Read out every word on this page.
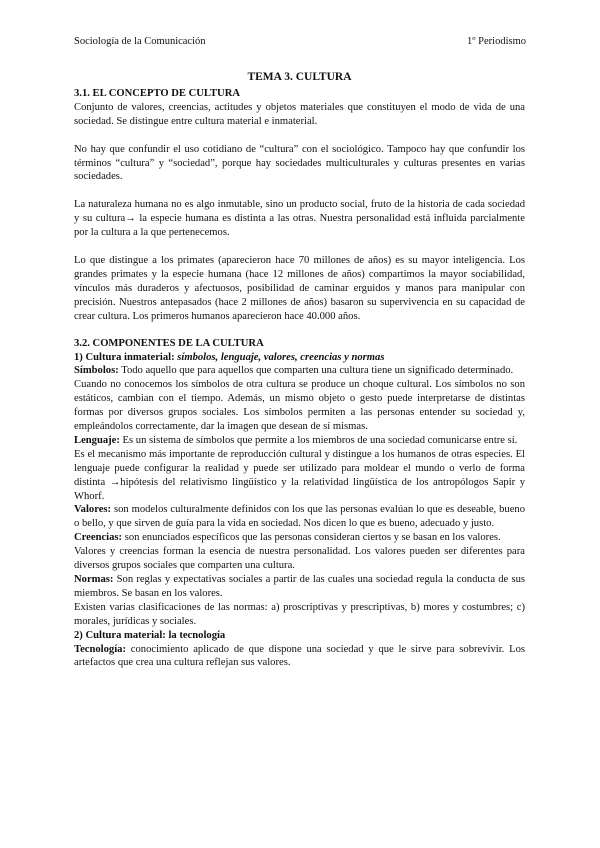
Sociología de la Comunicación	1º Periodismo
TEMA 3. CULTURA

3.1. EL CONCEPTO DE CULTURA

Conjunto de valores, creencias, actitudes y objetos materiales que constituyen el modo de vida de una sociedad. Se distingue entre cultura material e inmaterial.

No hay que confundir el uso cotidiano de “cultura” con el sociológico. Tampoco hay que confundir los términos “cultura” y “sociedad”, porque hay sociedades multiculturales y culturas presentes en varias sociedades.

La naturaleza humana no es algo inmutable, sino un producto social, fruto de la historia de cada sociedad y su cultura→ la especie humana es distinta a las otras. Nuestra personalidad está influida parcialmente por la cultura a la que pertenecemos.

Lo que distingue a los primates (aparecieron hace 70 millones de años) es su mayor inteligencia. Los grandes primates y la especie humana (hace 12 millones de años) compartimos la mayor sociabilidad, vínculos más duraderos y afectuosos, posibilidad de caminar erguidos y manos para manipular con precisión. Nuestros antepasados (hace 2 millones de años) basaron su supervivencia en su capacidad de crear cultura. Los primeros humanos aparecieron hace 40.000 años.

3.2. COMPONENTES DE LA CULTURA

1) Cultura inmaterial: símbolos, lenguaje, valores, creencias y normas

Símbolos: Todo aquello que para aquellos que comparten una cultura tiene un significado determinado.

Cuando no conocemos los símbolos de otra cultura se produce un choque cultural. Los símbolos no son estáticos, cambian con el tiempo. Además, un mismo objeto o gesto puede interpretarse de distintas formas por diversos grupos sociales. Los símbolos permiten a las personas entender su sociedad y, empleándolos correctamente, dar la imagen que desean de sí mismas.

Lenguaje: Es un sistema de símbolos que permite a los miembros de una sociedad comunicarse entre sí.

Es el mecanismo más importante de reproducción cultural y distingue a los humanos de otras especies. El lenguaje puede configurar la realidad y puede ser utilizado para moldear el mundo o verlo de forma distinta →hipótesis del relativismo lingüístico y la relatividad lingüística de los antropólogos Sapir y Whorf.

Valores: son modelos culturalmente definidos con los que las personas evalúan lo que es deseable, bueno o bello, y que sirven de guía para la vida en sociedad. Nos dicen lo que es bueno, adecuado y justo.

Creencias: son enunciados específicos que las personas consideran ciertos y se basan en los valores.

Valores y creencias forman la esencia de nuestra personalidad. Los valores pueden ser diferentes para diversos grupos sociales que comparten una cultura.

Normas: Son reglas y expectativas sociales a partir de las cuales una sociedad regula la conducta de sus miembros. Se basan en los valores.

Existen varias clasificaciones de las normas: a) proscriptivas y prescriptivas, b) mores y costumbres; c) morales, jurídicas y sociales.

2) Cultura material: la tecnología

Tecnología: conocimiento aplicado de que dispone una sociedad y que le sirve para sobrevivir. Los artefactos que crea una cultura reflejan sus valores.
